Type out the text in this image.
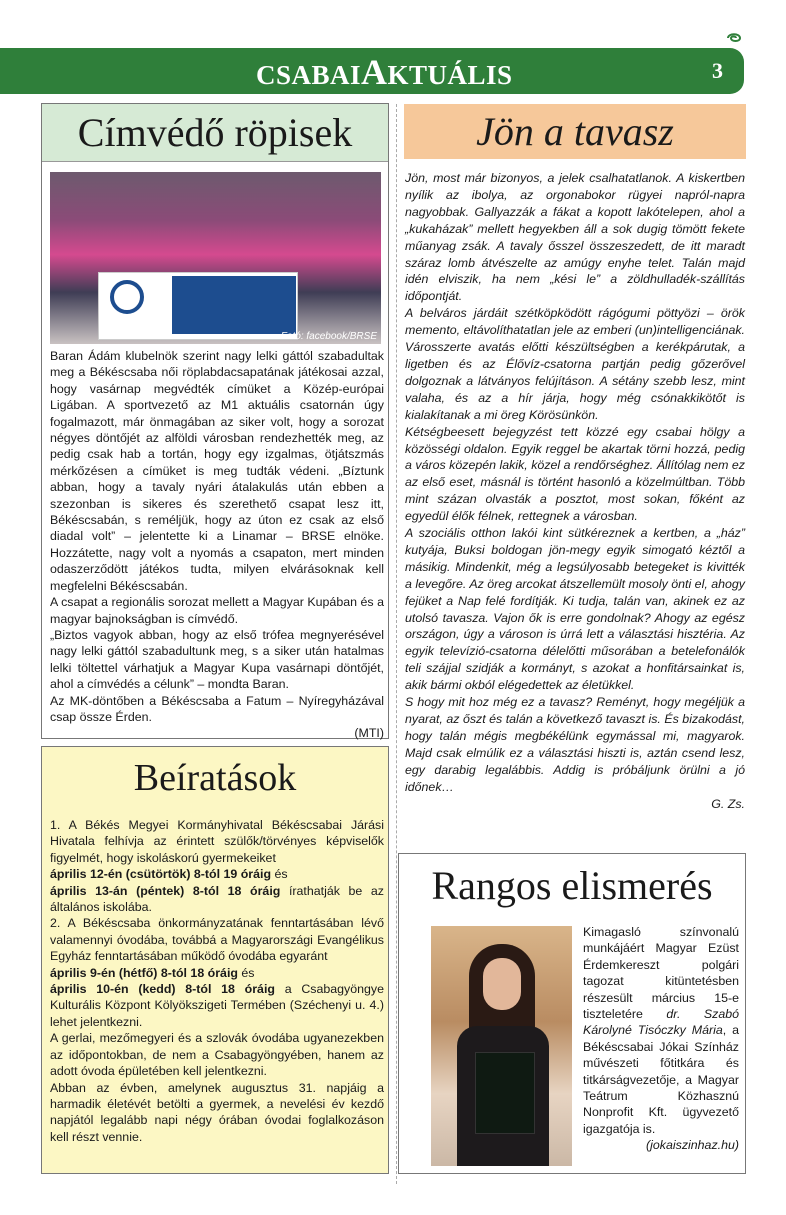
CSABAIAKTUÁLIS	3
Címvédő röpisek
Fotó: facebook/BRSE

Baran Ádám klubelnök szerint nagy lelki gáttól szabadultak meg a Békéscsaba női röplabdacsapatának játékosai azzal, hogy vasárnap megvédték címüket a Közép-európai Ligában. A sportvezető az M1 aktuális csatornán úgy fogalmazott, már önmagában az siker volt, hogy a sorozat négyes döntőjét az alföldi városban rendezhették meg, az pedig csak hab a tortán, hogy egy izgalmas, ötjátszmás mérkőzésen a címüket is meg tudták védeni. „Bíztunk abban, hogy a tavaly nyári átalakulás után ebben a szezonban is sikeres és szerethető csapat lesz itt, Békéscsabán, s reméljük, hogy az úton ez csak az első diadal volt” – jelentette ki a Linamar – BRSE elnöke. Hozzátette, nagy volt a nyomás a csapaton, mert minden odaszerződött játékos tudta, milyen elvárásoknak kell megfelelni Békéscsabán.

A csapat a regionális sorozat mellett a Magyar Kupában és a magyar bajnokságban is címvédő.

„Biztos vagyok abban, hogy az első trófea megnyerésével nagy lelki gáttól szabadultunk meg, s a siker után hatalmas lelki töltettel várhatjuk a Magyar Kupa vasárnapi döntőjét, ahol a címvédés a célunk” – mondta Baran.

Az MK-döntőben a Békéscsaba a Fatum – Nyíregyházával csap össze Érden.

(MTI)

Jön a tavasz

Jön, most már bizonyos, a jelek csalhatatlanok. A kiskertben nyílik az ibolya, az orgonabokor rügyei napról-napra nagyobbak. Gallyazzák a fákat a kopott lakótelepen, ahol a „kukaházak” mellett hegyekben áll a sok dugig tömött fekete műanyag zsák. A tavaly ősszel összeszedett, de itt maradt száraz lomb átvészelte az amúgy enyhe telet. Talán majd idén elviszik, ha nem „kési le” a zöldhulladék-szállítás időpontját.

A belváros járdáit szétköpködött rágógumi pöttyözi – örök memento, eltávolíthatatlan jele az emberi (un)intelligenciának. Városszerte avatás előtti készültségben a kerékpárutak, a ligetben és az Élővíz-csatorna partján pedig gőzerővel dolgoznak a látványos felújításon. A sétány szebb lesz, mint valaha, és az a hír járja, hogy még csónakkikötőt is kialakítanak a mi öreg Körösünkön.

Kétségbeesett bejegyzést tett közzé egy csabai hölgy a közösségi oldalon. Egyik reggel be akartak törni hozzá, pedig a város közepén lakik, közel a rendőrséghez. Állítólag nem ez az első eset, másnál is történt hasonló a közelmúltban. Több mint százan olvasták a posztot, most sokan, főként az egyedül élők félnek, rettegnek a városban.

A szociális otthon lakói kint sütkéreznek a kertben, a „ház” kutyája, Buksi boldogan jön-megy egyik simogató kéztől a másikig. Mindenkit, még a legsúlyosabb betegeket is kivitték a levegőre. Az öreg arcokat átszellemült mosoly önti el, ahogy fejüket a Nap felé fordítják. Ki tudja, talán van, akinek ez az utolsó tavasza. Vajon ők is erre gondolnak? Ahogy az egész országon, úgy a városon is úrrá lett a választási hisztéria. Az egyik televízió-csatorna délelőtti műsorában a betelefonálók teli szájjal szidják a kormányt, s azokat a honfitársainkat is, akik bármi okból elégedettek az életükkel.

S hogy mit hoz még ez a tavasz? Reményt, hogy megéljük a nyarat, az őszt és talán a következő tavaszt is. És bizakodást, hogy talán mégis megbékélünk egymással mi, magyarok. Majd csak elmúlik ez a választási hiszti is, aztán csend lesz, egy darabig legalábbis. Addig is próbáljunk örülni a jó időnek…

G. Zs.

Beíratások

1. A Békés Megyei Kormányhivatal Békéscsabai Járási Hivatala felhívja az érintett szülők/törvényes képviselők figyelmét, hogy iskoláskorú gyermekeiket
április 12-én (csütörtök) 8-tól 19 óráig és
április 13-án (péntek) 8-tól 18 óráig írathatják be az általános iskolába.

2. A Békéscsaba önkormányzatának fenntartásában lévő valamennyi óvodába, továbbá a Magyarországi Evangélikus Egyház fenntartásában működő óvodába egyaránt
április 9-én (hétfő) 8-tól 18 óráig és
április 10-én (kedd) 8-tól 18 óráig a Csabagyöngye Kulturális Központ Kölyökszigeti Termében (Széchenyi u. 4.) lehet jelentkezni.

A gerlai, mezőmegyeri és a szlovák óvodába ugyanezekben az időpontokban, de nem a Csabagyöngyében, hanem az adott óvoda épületében kell jelentkezni.

Abban az évben, amelynek augusztus 31. napjáig a harmadik életévét betölti a gyermek, a nevelési év kezdő napjától legalább napi négy órában óvodai foglalkozáson kell részt vennie.

Rangos elismerés

Kimagasló színvonalú munkájáért Magyar Ezüst Érdemkereszt polgári tagozat kitüntetésben részesült március 15-e tiszteletére dr. Szabó Károlyné Tisóczky Mária, a Békéscsabai Jókai Színház művészeti főtitkára és titkárságvezetője, a Magyar Teátrum Közhasznú Nonprofit Kft. ügyvezető igazgatója is.

(jokaiszinhaz.hu)
